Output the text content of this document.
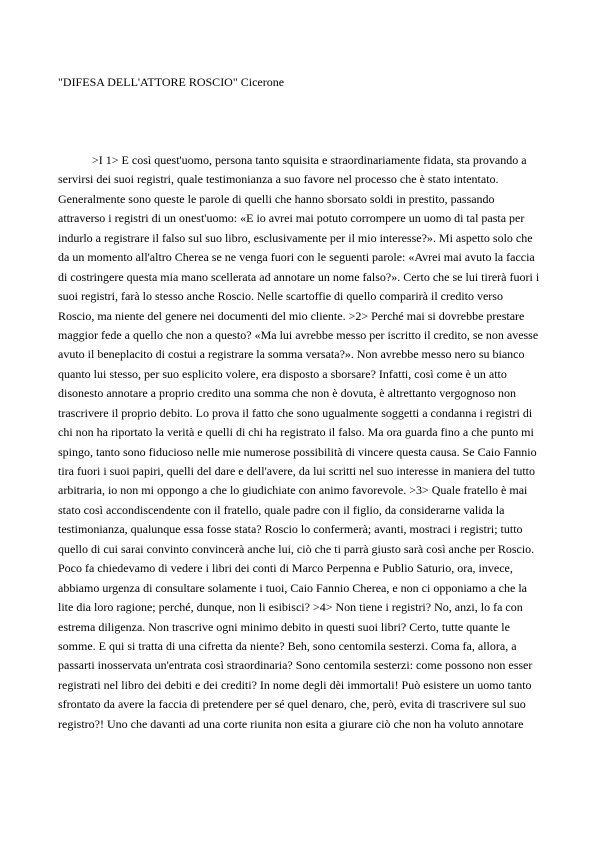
"DIFESA DELL'ATTORE ROSCIO" Cicerone
>I 1> E così quest'uomo, persona tanto squisita e straordinariamente fidata, sta provando a
servirsi dei suoi registri, quale testimonianza a suo favore nel processo che è stato intentato.
Generalmente sono queste le parole di quelli che hanno sborsato soldi in prestito, passando
attraverso i registri di un onest'uomo: «E io avrei mai potuto corrompere un uomo di tal pasta per
indurlo a registrare il falso sul suo libro, esclusivamente per il mio interesse?». Mi aspetto solo che
da un momento all'altro Cherea se ne venga fuori con le seguenti parole: «Avrei mai avuto la faccia
di costringere questa mia mano scellerata ad annotare un nome falso?». Certo che se lui tirerà fuori i
suoi registri, farà lo stesso anche Roscio. Nelle scartoffie di quello comparirà il credito verso
Roscio, ma niente del genere nei documenti del mio cliente. >2> Perché mai si dovrebbe prestare
maggior fede a quello che non a questo? «Ma lui avrebbe messo per iscritto il credito, se non avesse
avuto il beneplacito di costui a registrare la somma versata?». Non avrebbe messo nero su bianco
quanto lui stesso, per suo esplicito volere, era disposto a sborsare? Infatti, così come è un atto
disonesto annotare a proprio credito una somma che non è dovuta, è altrettanto vergognoso non
trascrivere il proprio debito. Lo prova il fatto che sono ugualmente soggetti a condanna i registri di
chi non ha riportato la verità e quelli di chi ha registrato il falso. Ma ora guarda fino a che punto mi
spingo, tanto sono fiducioso nelle mie numerose possibilità di vincere questa causa. Se Caio Fannio
tira fuori i suoi papiri, quelli del dare e dell'avere, da lui scritti nel suo interesse in maniera del tutto
arbitraria, io non mi oppongo a che lo giudichiate con animo favorevole. >3> Quale fratello è mai
stato così accondiscendente con il fratello, quale padre con il figlio, da considerarne valida la
testimonianza, qualunque essa fosse stata? Roscio lo confermerà; avanti, mostraci i registri; tutto
quello di cui sarai convinto convincerà anche lui, ciò che ti parrà giusto sarà così anche per Roscio.
Poco fa chiedevamo di vedere i libri dei conti di Marco Perpenna e Publio Saturio, ora, invece,
abbiamo urgenza di consultare solamente i tuoi, Caio Fannio Cherea, e non ci opponiamo a che la
lite dia loro ragione; perché, dunque, non li esibisci? >4> Non tiene i registri? No, anzi, lo fa con
estrema diligenza. Non trascrive ogni minimo debito in questi suoi libri? Certo, tutte quante le
somme. E qui si tratta di una cifretta da niente? Beh, sono centomila sesterzi. Coma fa, allora, a
passarti inosservata un'entrata così straordinaria? Sono centomila sesterzi: come possono non esser
registrati nel libro dei debiti e dei crediti? In nome degli dèi immortali! Può esistere un uomo tanto
sfrontato da avere la faccia di pretendere per sé quel denaro, che, però, evita di trascrivere sul suo
registro?! Uno che davanti ad una corte riunita non esita a giurare ciò che non ha voluto annotare
